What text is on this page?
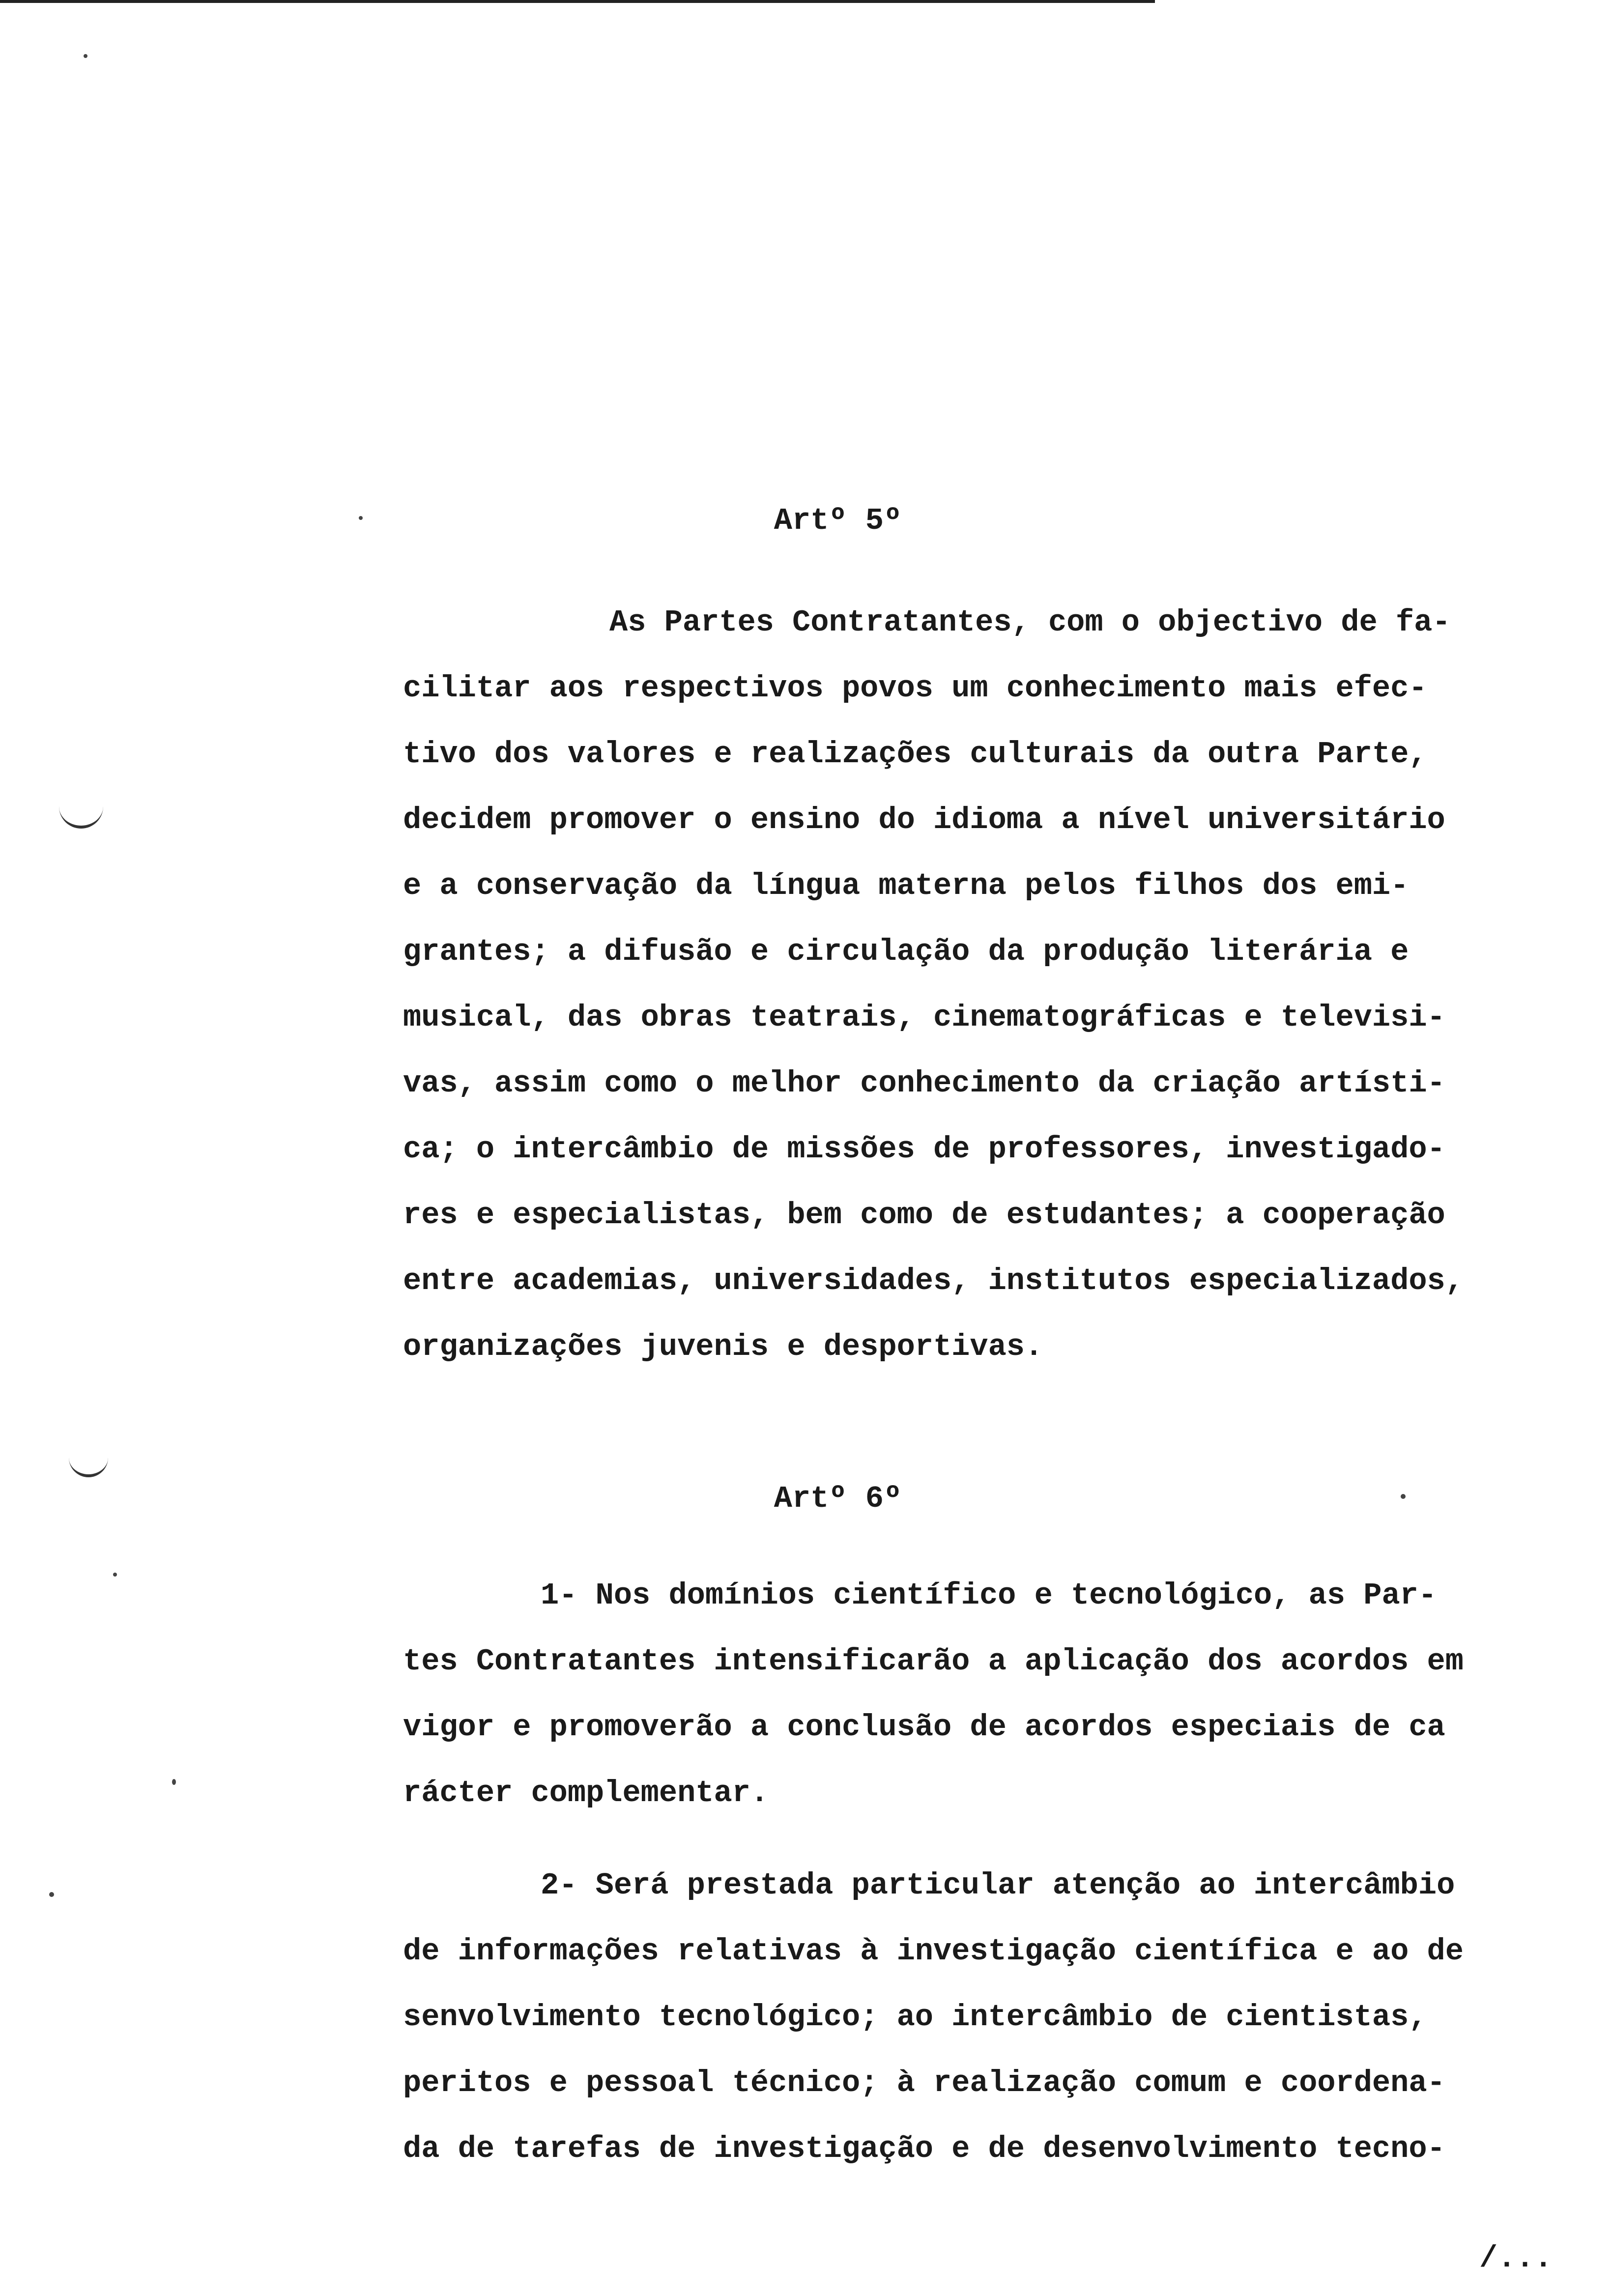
Artº 5º
As Partes Contratantes, com o objectivo de fa-
cilitar aos respectivos povos um conhecimento mais efec-
tivo dos valores e realizações culturais da outra Parte,
decidem promover o ensino do idioma a nível universitário
e a conservação da língua materna pelos filhos dos emi-
grantes; a difusão e circulação da produção literária e
musical, das obras teatrais, cinematográficas e televisi-
vas, assim como o melhor conhecimento da criação artísti-
ca; o intercâmbio de missões de professores, investigado-
res e especialistas, bem como de estudantes; a cooperação
entre academias, universidades, institutos especializados,
organizações juvenis e desportivas.
Artº 6º
1- Nos domínios científico e tecnológico, as Par-
tes Contratantes intensificarão a aplicação dos acordos em
vigor e promoverão a conclusão de acordos especiais de ca
rácter complementar.
2- Será prestada particular atenção ao intercâmbio
de informações relativas à investigação científica e ao de
senvolvimento tecnológico; ao intercâmbio de cientistas,
peritos e pessoal técnico; à realização comum e coordena-
da de tarefas de investigação e de desenvolvimento tecno-
/...
